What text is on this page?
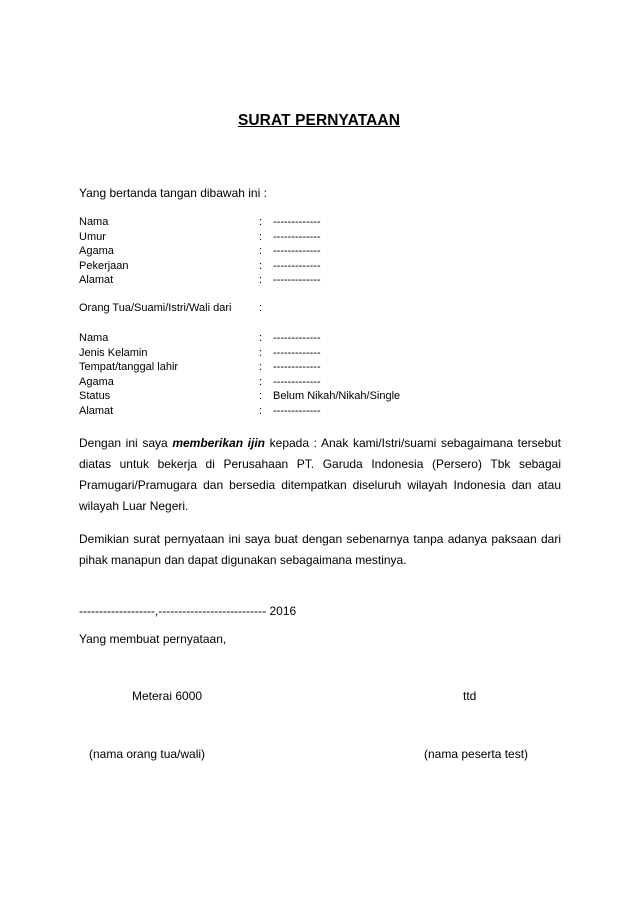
SURAT PERNYATAAN
Yang bertanda tangan dibawah ini :
Nama	: -------------
Umur	: -------------
Agama	: -------------
Pekerjaan	: -------------
Alamat	: -------------
Orang Tua/Suami/Istri/Wali dari	:
Nama	: -------------
Jenis Kelamin	: -------------
Tempat/tanggal lahir	: -------------
Agama	: -------------
Status	: Belum Nikah/Nikah/Single
Alamat	: -------------
Dengan ini saya memberikan ijin kepada : Anak kami/Istri/suami sebagaimana tersebut diatas untuk bekerja di Perusahaan PT. Garuda Indonesia (Persero) Tbk sebagai Pramugari/Pramugara dan bersedia ditempatkan diseluruh wilayah Indonesia dan atau wilayah Luar Negeri.
Demikian surat pernyataan ini saya buat dengan sebenarnya tanpa adanya paksaan dari pihak manapun dan dapat digunakan sebagaimana mestinya.
-------------------,--------------------------- 2016
Yang membuat pernyataan,
Meterai 6000	ttd
(nama orang tua/wali)	(nama peserta test)
